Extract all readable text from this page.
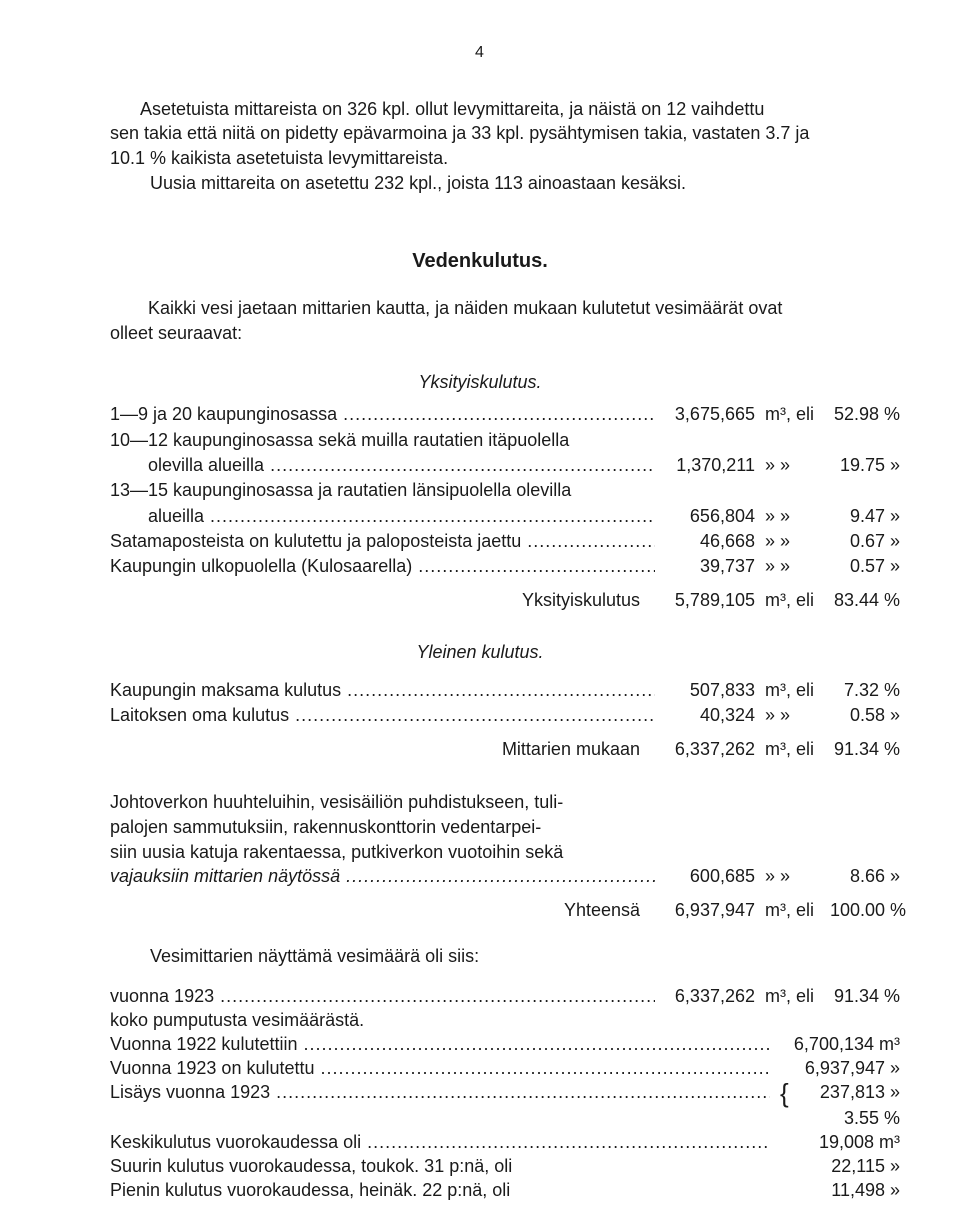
4
Asetetuista mittareista on 326 kpl. ollut levymittareita, ja näistä on 12 vaihdettu
sen takia että niitä on pidetty epävarmoina ja 33 kpl. pysähtymisen takia, vastaten 3.7 ja
10.1 % kaikista asetetuista levymittareista.
Uusia mittareita on asetettu 232 kpl., joista 113 ainoastaan kesäksi.
Vedenkulutus.
Kaikki vesi jaetaan mittarien kautta, ja näiden mukaan kulutetut vesimäärät ovat
olleet seuraavat:
Yksityiskulutus.
1—9 ja 20 kaupunginosassa .....	3,675,665 m³, eli	52.98 %
10—12 kaupunginosassa sekä muilla rautatien itäpuolella
olevilla alueilla .....	1,370,211 » »	19.75 »
13—15 kaupunginosassa ja rautatien länsipuolella olevilla
alueilla .....	656,804 » »	9.47 »
Satamaposteista on kulutettu ja paloposteista jaettu .....	46,668 » »	0.67 »
Kaupungin ulkopuolella (Kulosaarella) .....	39,737 » »	0.57 »
Yksityiskulutus	5,789,105 m³, eli	83.44 %
Yleinen kulutus.
Kaupungin maksama kulutus .....	507,833 m³, eli	7.32 %
Laitoksen oma kulutus .....	40,324 » »	0.58 »
Mittarien mukaan	6,337,262 m³, eli	91.34 %
Johtoverkon huuhteluihin, vesisäiliön puhdistukseen, tuli-
palojen sammutuksiin, rakennuskonttorin vedentarpei-
siin uusia katuja rakentaessa, putkiverkon vuotoihin sekä
vajauksiin mittarien näytössä .....	600,685 » »	8.66 »
Yhteensä	6,937,947 m³, eli 100.00 %
Vesimittarien näyttämä vesimäärä oli siis:
vuonna 1923 .....	6,337,262 m³, eli	91.34 %
koko pumputusta vesimäärästä.
Vuonna 1922 kulutettiin .....	6,700,134 m³
Vuonna 1923 on kulutettu .....	6,937,947 »
Lisäys vuonna 1923 .....	237,813 »
{
3.55 %
Keskikulutus vuorokaudessa oli .....	19,008 m³
Suurin kulutus vuorokaudessa, toukok. 31 p:nä, oli	22,115 »
Pienin kulutus vuorokaudessa, heinäk. 22 p:nä, oli	11,498 »
